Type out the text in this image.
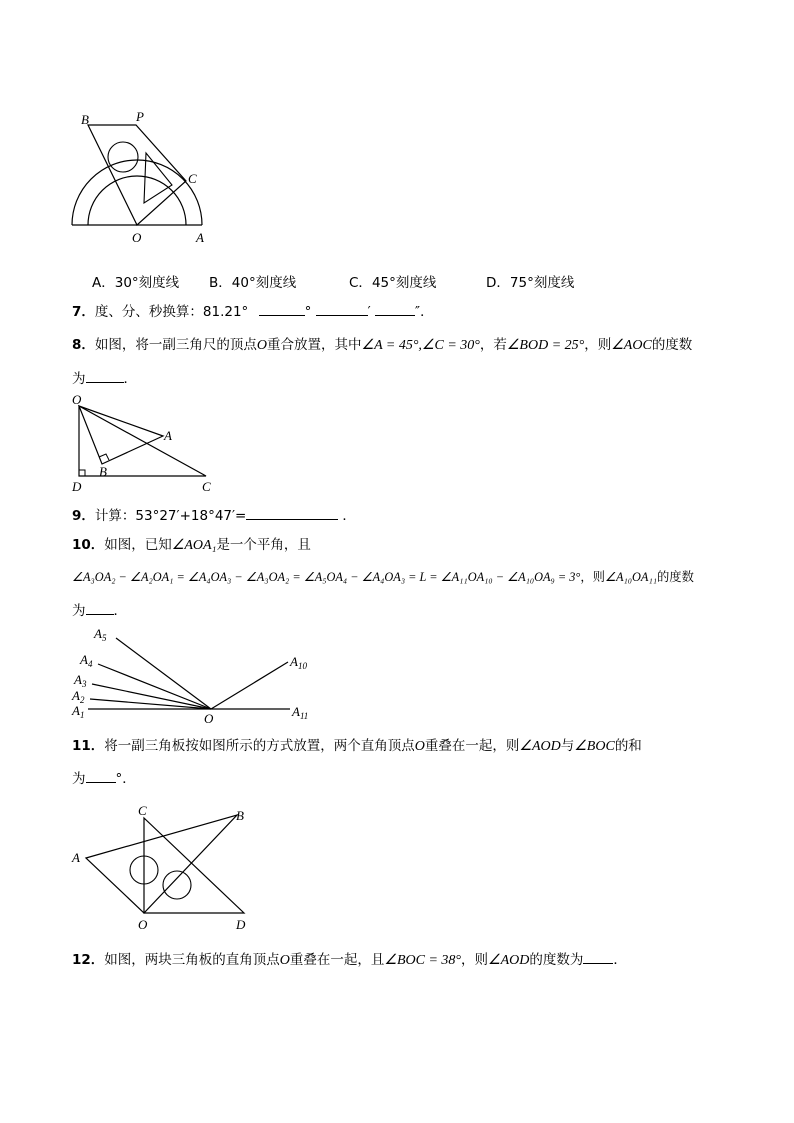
B	P
C
O	A
A．30°刻度线 B．40°刻度线	C．45°刻度线	D．75°刻度线
7．度、分、秒换算：81.21°	°	′	″．
8．如图，将一副三角尺的顶点O重合放置，其中∠A = 45°,∠C = 30°，若∠BOD = 25°，则∠AOC的度数
为	．
O
A
B
D	C
9．计算：53°27′+18°47′=	．
10．如图，已知∠AOA₁是一个平角，且
∠A₃OA₂ − ∠A₂OA₁ = ∠A₄OA₃ − ∠A₃OA₂ = ∠A₅OA₄ − ∠A₄OA₃ = L = ∠A₁₁OA₁₀ − ∠A₁₀OA₉ = 3°，则∠A₁₀OA₁₁的度数
为 ．
$A_5$
$A_4$
$A_3$
$A_2$
$A_1$	O
$A_{10}$
$A_{11}$
11．将一副三角板按如图所示的方式放置，两个直角顶点O重叠在一起，则∠AOD与∠BOC的和
为 °．
C	B
A
O	D
12．如图，两块三角板的直角顶点O重叠在一起，且∠BOC = 38°，则∠AOD的度数为 ．
